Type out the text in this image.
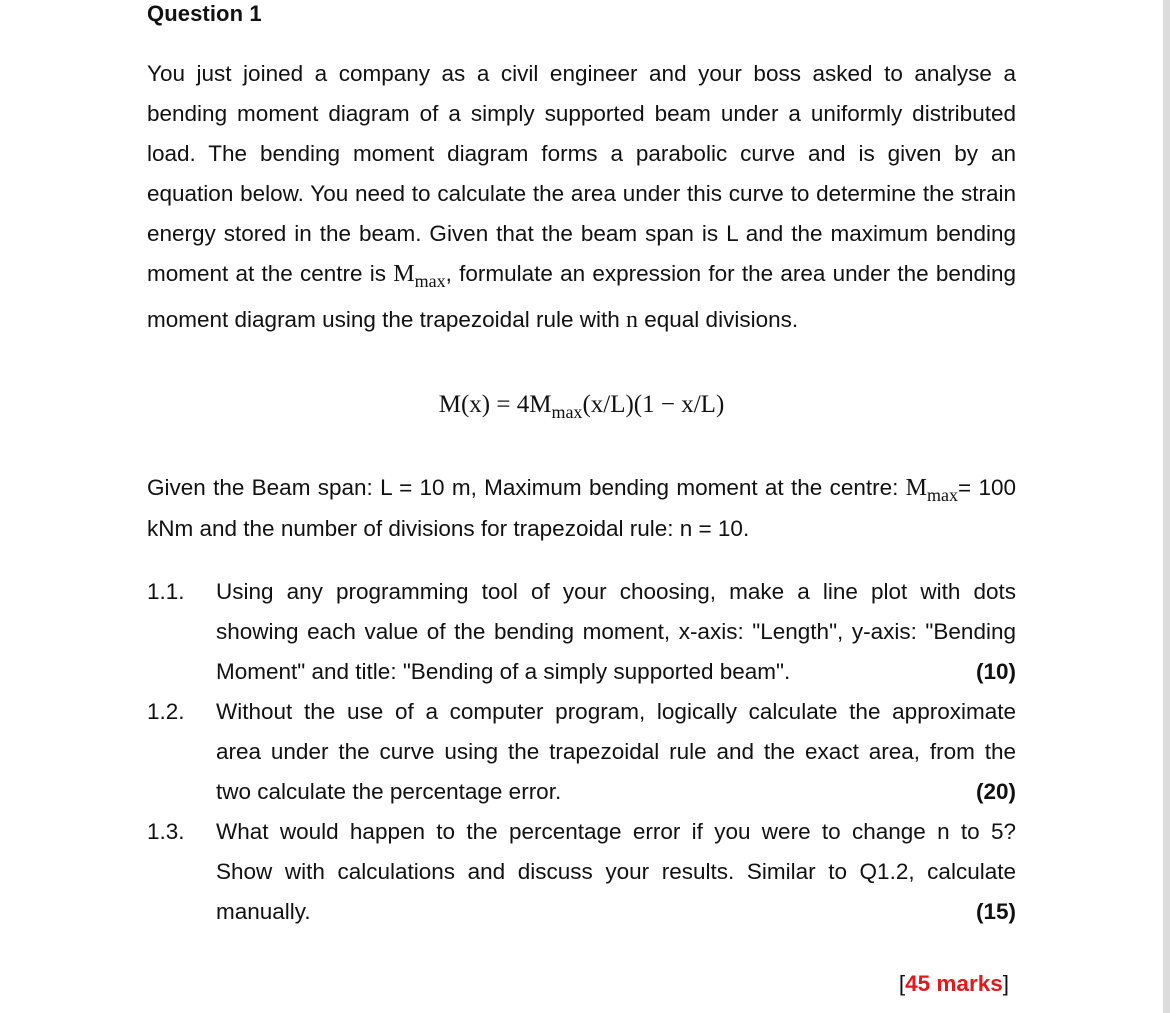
Question 1
You just joined a company as a civil engineer and your boss asked to analyse a
bending moment diagram of a simply supported beam under a uniformly distributed
load. The bending moment diagram forms a parabolic curve and is given by an
equation below. You need to calculate the area under this curve to determine the strain
energy stored in the beam. Given that the beam span is L and the maximum bending
moment at the centre is $M_{max}$, formulate an expression for the area under the bending
moment diagram using the trapezoidal rule with n equal divisions.
$M(x) = 4M_{max}(x/L)(1 - x/L)$
Given the Beam span: L = 10 m, Maximum bending moment at the centre: $M_{max}= 100$
kNm and the number of divisions for trapezoidal rule: n = 10.
1.1. Using any programming tool of your choosing, make a line plot with dots
showing each value of the bending moment, x-axis: "Length", y-axis: "Bending
Moment" and title: "Bending of a simply supported beam".	(10)
1.2. Without the use of a computer program, logically calculate the approximate
area under the curve using the trapezoidal rule and the exact area, from the
two calculate the percentage error.	(20)
1.3. What would happen to the percentage error if you were to change n to 5?
Show with calculations and discuss your results. Similar to Q1.2, calculate
manually.	(15)
[45 marks]
